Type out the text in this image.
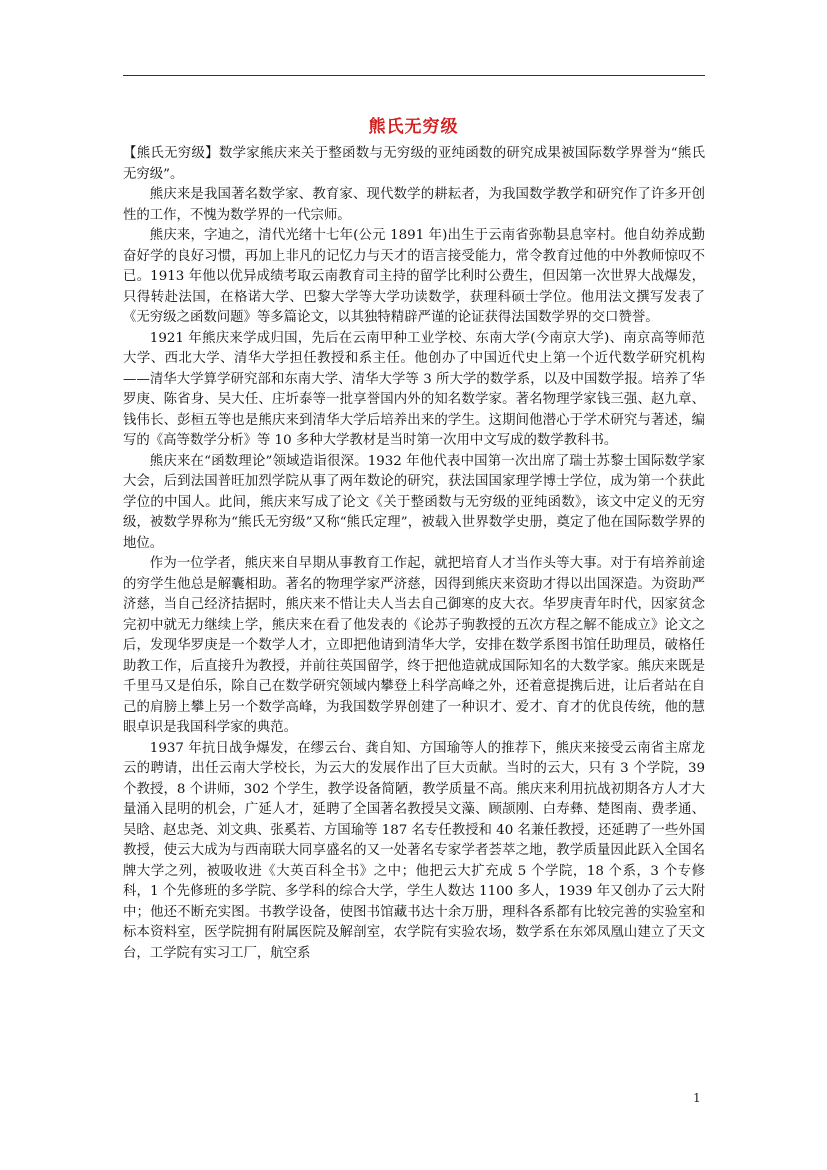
熊氏无穷级

【熊氏无穷级】数学家熊庆来关于整函数与无穷级的亚纯函数的研究成果被国际数学界誉为“熊氏无穷级”。

熊庆来是我国著名数学家、教育家、现代数学的耕耘者，为我国数学教学和研究作了许多开创性的工作，不愧为数学界的一代宗师。

熊庆来，字迪之，清代光绪十七年(公元 1891 年)出生于云南省弥勒县息宰村。他自幼养成勤奋好学的良好习惯，再加上非凡的记忆力与天才的语言接受能力，常令教育过他的中外教师惊叹不已。1913 年他以优异成绩考取云南教育司主持的留学比利时公费生，但因第一次世界大战爆发，只得转赴法国，在格诺大学、巴黎大学等大学功读数学，获理科硕士学位。他用法文撰写发表了《无穷级之函数问题》等多篇论文，以其独特精辟严谨的论证获得法国数学界的交口赞誉。

1921 年熊庆来学成归国，先后在云南甲种工业学校、东南大学(今南京大学)、南京高等师范大学、西北大学、清华大学担任教授和系主任。他创办了中国近代史上第一个近代数学研究机构——清华大学算学研究部和东南大学、清华大学等 3 所大学的数学系，以及中国数学报。培养了华罗庚、陈省身、吴大任、庄圻泰等一批享誉国内外的知名数学家。著名物理学家钱三强、赵九章、钱伟长、彭桓五等也是熊庆来到清华大学后培养出来的学生。这期间他潜心于学术研究与著述，编写的《高等数学分析》等 10 多种大学教材是当时第一次用中文写成的数学教科书。

熊庆来在“函数理论”领域造诣很深。1932 年他代表中国第一次出席了瑞士苏黎士国际数学家大会，后到法国普旺加烈学院从事了两年数论的研究，获法国国家理学博士学位，成为第一个获此学位的中国人。此间，熊庆来写成了论文《关于整函数与无穷级的亚纯函数》，该文中定义的无穷级，被数学界称为“熊氏无穷级”又称“熊氏定理”，被载入世界数学史册，奠定了他在国际数学界的地位。

作为一位学者，熊庆来自早期从事教育工作起，就把培育人才当作头等大事。对于有培养前途的穷学生他总是解囊相助。著名的物理学家严济慈，因得到熊庆来资助才得以出国深造。为资助严济慈，当自己经济拮据时，熊庆来不惜让夫人当去自己御寒的皮大衣。华罗庚青年时代，因家贫念完初中就无力继续上学，熊庆来在看了他发表的《论苏子驹教授的五次方程之解不能成立》论文之后，发现华罗庚是一个数学人才，立即把他请到清华大学，安排在数学系图书馆任助理员，破格任助教工作，后直接升为教授，并前往英国留学，终于把他造就成国际知名的大数学家。熊庆来既是千里马又是伯乐，除自己在数学研究领域内攀登上科学高峰之外，还着意提携后进，让后者站在自己的肩膀上攀上另一个数学高峰，为我国数学界创建了一种识才、爱才、育才的优良传统，他的慧眼卓识是我国科学家的典范。

1937 年抗日战争爆发，在缪云台、龚自知、方国瑜等人的推荐下，熊庆来接受云南省主席龙云的聘请，出任云南大学校长，为云大的发展作出了巨大贡献。当时的云大，只有 3 个学院，39 个教授，8 个讲师，302 个学生，教学设备简陋，教学质量不高。熊庆来利用抗战初期各方人才大量涌入昆明的机会，广延人才，延聘了全国著名教授吴文藻、顾颉刚、白寿彝、楚图南、费孝通、吴晗、赵忠尧、刘文典、张奚若、方国瑜等 187 名专任教授和 40 名兼任教授，还延聘了一些外国教授，使云大成为与西南联大同享盛名的又一处著名专家学者荟萃之地，教学质量因此跃入全国名牌大学之列，被吸收进《大英百科全书》之中；他把云大扩充成 5 个学院，18 个系，3 个专修科，1 个先修班的多学院、多学科的综合大学，学生人数达 1100 多人，1939 年又创办了云大附中；他还不断充实图。书教学设备，使图书馆藏书达十余万册，理科各系都有比较完善的实验室和标本资料室，医学院拥有附属医院及解剖室，农学院有实验农场，数学系在东郊凤凰山建立了天文台，工学院有实习工厂，航空系

1
